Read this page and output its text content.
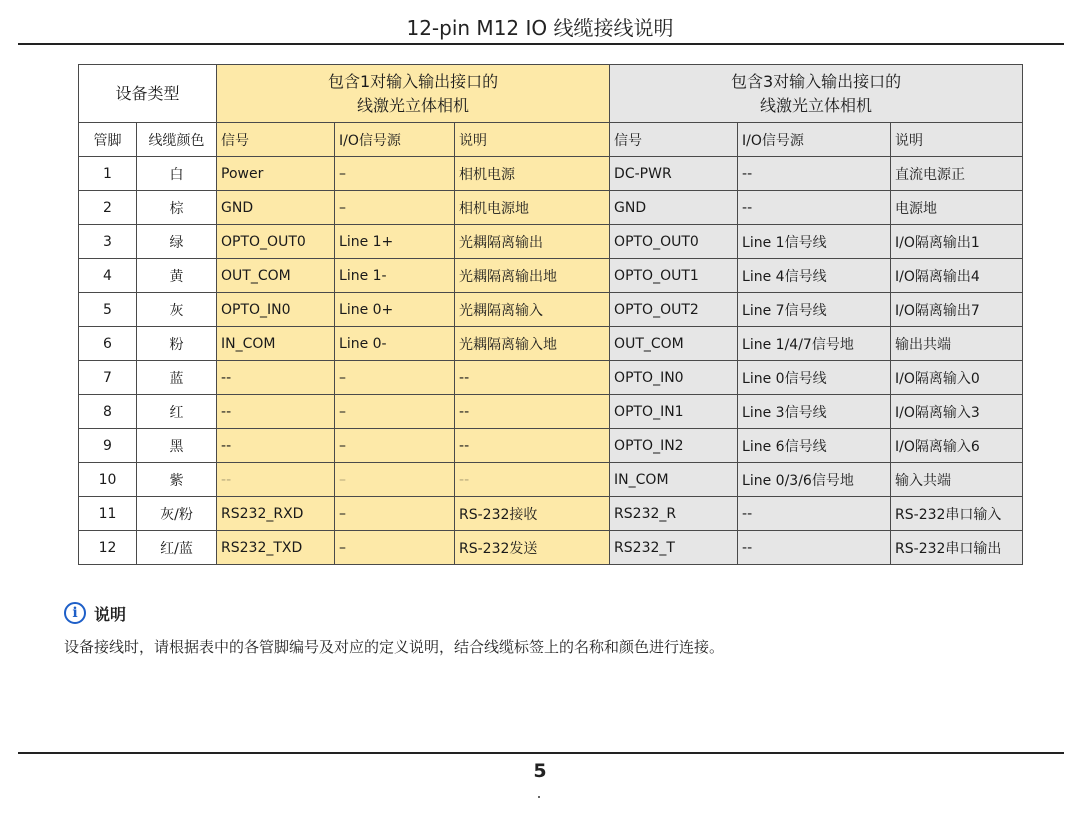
12-pin M12 IO 线缆接线说明
设备类型		包含1对输入输出接口的
线激光立体相机			包含3对输入输出接口的
线激光立体相机		

管脚	线缆颜色	信号	I/O信号源	说明	信号	I/O信号源	说明
1	白	Power	–	相机电源	DC-PWR	--	直流电源正
2	棕	GND	–	相机电源地	GND	--	电源地
3	绿	OPTO_OUT0	Line 1+	光耦隔离输出	OPTO_OUT0	Line 1信号线	I/O隔离输出1
4	黄	OUT_COM	Line 1-	光耦隔离输出地	OPTO_OUT1	Line 4信号线	I/O隔离输出4
5	灰	OPTO_IN0	Line 0+	光耦隔离输入	OPTO_OUT2	Line 7信号线	I/O隔离输出7
6	粉	IN_COM	Line 0-	光耦隔离输入地	OUT_COM	Line 1/4/7信号地	输出共端
7	蓝	--	–	--	OPTO_IN0	Line 0信号线	I/O隔离输入0
8	红	--	–	--	OPTO_IN1	Line 3信号线	I/O隔离输入3
9	黑	--	–	--	OPTO_IN2	Line 6信号线	I/O隔离输入6
10	紫	--	–	--	IN_COM	Line 0/3/6信号地	输入共端
11	灰/粉	RS232_RXD	–	RS-232接收	RS232_R	--	RS-232串口输入
12	红/蓝	RS232_TXD	–	RS-232发送	RS232_T	--	RS-232串口输出
i	说明
设备接线时，请根据表中的各管脚编号及对应的定义说明，结合线缆标签上的名称和颜色进行连接。
5
